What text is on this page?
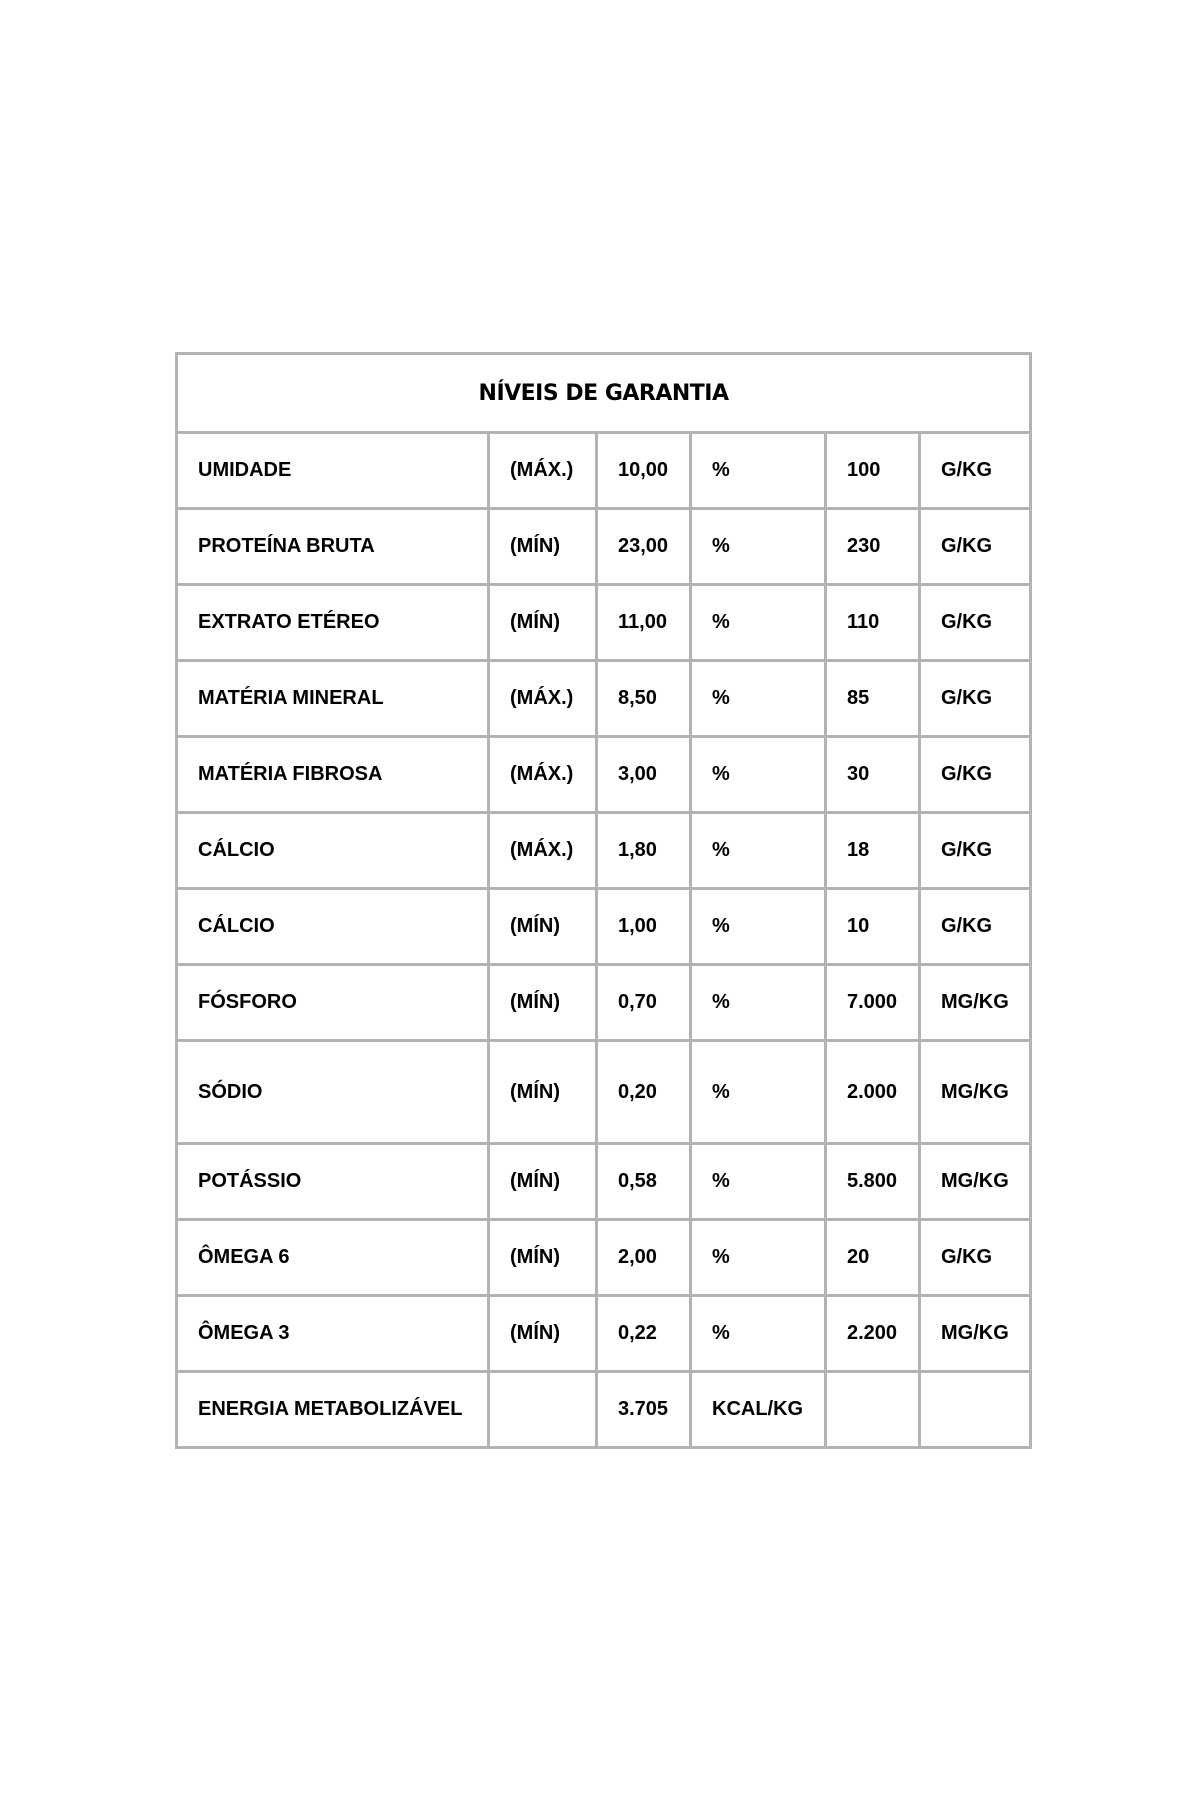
NÍVEIS DE GARANTIA					
UMIDADE	(MÁX.)	10,00	%	100	G/KG
PROTEÍNA BRUTA	(MÍN)	23,00	%	230	G/KG
EXTRATO ETÉREO	(MÍN)	11,00	%	110	G/KG
MATÉRIA MINERAL	(MÁX.)	8,50	%	85	G/KG
MATÉRIA FIBROSA	(MÁX.)	3,00	%	30	G/KG
CÁLCIO	(MÁX.)	1,80	%	18	G/KG
CÁLCIO	(MÍN)	1,00	%	10	G/KG
FÓSFORO	(MÍN)	0,70	%	7.000	MG/KG
SÓDIO	(MÍN)	0,20	%	2.000	MG/KG
POTÁSSIO	(MÍN)	0,58	%	5.800	MG/KG
ÔMEGA 6	(MÍN)	2,00	%	20	G/KG
ÔMEGA 3	(MÍN)	0,22	%	2.200	MG/KG
ENERGIA METABOLIZÁVEL		3.705	KCAL/KG		
